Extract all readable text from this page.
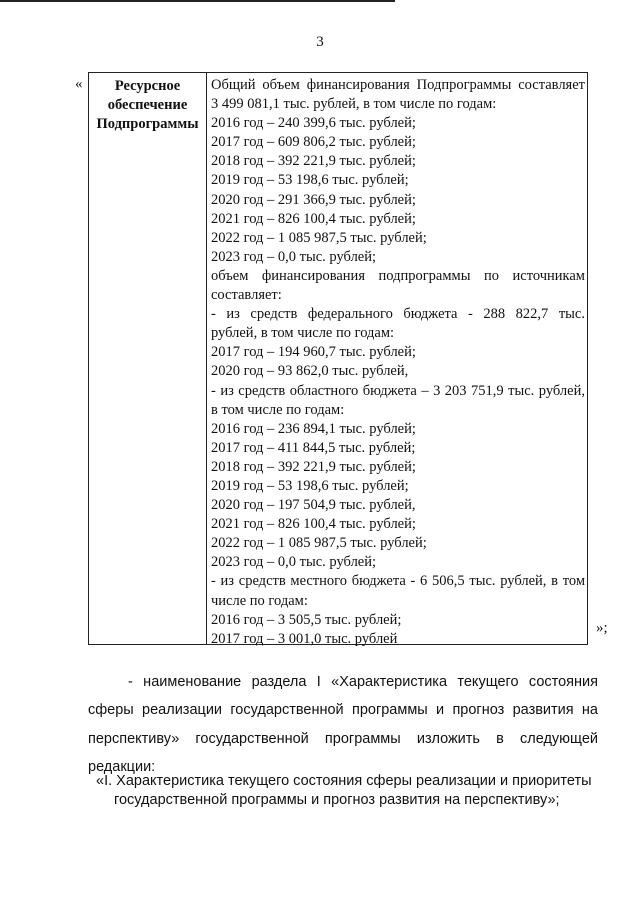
3
«	Ресурсное
обеспечение
Подпрограммы
Общий объем финансирования Подпрограммы составляет
3 499 081,1 тыс. рублей, в том числе по годам:
2016 год – 240 399,6 тыс. рублей;
2017 год – 609 806,2 тыс. рублей;
2018 год – 392 221,9 тыс. рублей;
2019 год – 53 198,6 тыс. рублей;
2020 год – 291 366,9 тыс. рублей;
2021 год – 826 100,4 тыс. рублей;
2022 год – 1 085 987,5 тыс. рублей;
2023 год – 0,0 тыс. рублей;
объем финансирования подпрограммы по источникам
составляет:
- из средств федерального бюджета - 288 822,7 тыс.
рублей, в том числе по годам:
2017 год – 194 960,7 тыс. рублей;
2020 год – 93 862,0 тыс. рублей,
- из средств областного бюджета – 3 203 751,9 тыс. рублей,
в том числе по годам:
2016 год – 236 894,1 тыс. рублей;
2017 год – 411 844,5 тыс. рублей;
2018 год – 392 221,9 тыс. рублей;
2019 год – 53 198,6 тыс. рублей;
2020 год – 197 504,9 тыс. рублей,
2021 год – 826 100,4 тыс. рублей;
2022 год – 1 085 987,5 тыс. рублей;
2023 год – 0,0 тыс. рублей;
- из средств местного бюджета - 6 506,5 тыс. рублей, в том
числе по годам:
2016 год – 3 505,5 тыс. рублей;
2017 год – 3 001,0 тыс. рублей
»;
- наименование раздела I «Характеристика текущего состояния
сферы реализации государственной программы и прогноз развития на
перспективу» государственной программы изложить в следующей
редакции:
«I. Характеристика текущего состояния сферы реализации и приоритеты
государственной программы и прогноз развития на перспективу»;
